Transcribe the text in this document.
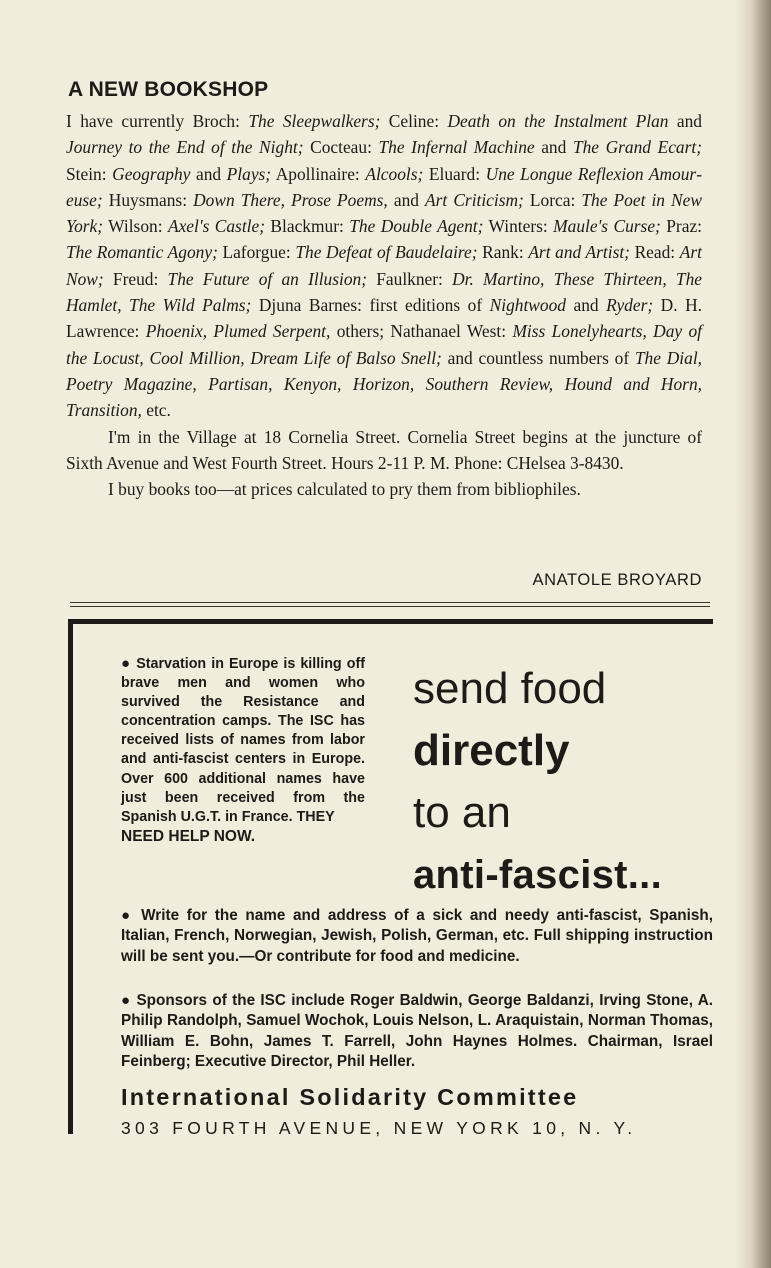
A NEW BOOKSHOP

I have currently Broch: The Sleepwalkers; Celine: Death on the Instalment Plan and Journey to the End of the Night; Cocteau: The Infernal Machine and The Grand Ecart; Stein: Geography and Plays; Apollinaire: Alcools; Eluard: Une Longue Reflexion Amoureuse; Huysmans: Down There, Prose Poems, and Art Criticism; Lorca: The Poet in New York; Wilson: Axel's Castle; Blackmur: The Double Agent; Winters: Maule's Curse; Praz: The Romantic Agony; Laforgue: The Defeat of Baudelaire; Rank: Art and Artist; Read: Art Now; Freud: The Future of an Illusion; Faulkner: Dr. Martino, These Thirteen, The Hamlet, The Wild Palms; Djuna Barnes: first editions of Nightwood and Ryder; D. H. Lawrence: Phoenix, Plumed Serpent, others; Nathanael West: Miss Lonelyhearts, Day of the Locust, Cool Million, Dream Life of Balso Snell; and countless numbers of The Dial, Poetry Magazine, Partisan, Kenyon, Horizon, Southern Review, Hound and Horn, Transition, etc.

I'm in the Village at 18 Cornelia Street. Cornelia Street begins at the juncture of Sixth Avenue and West Fourth Street. Hours 2-11 P. M. Phone: CHelsea 3-8430.

I buy books too—at prices calculated to pry them from bibliophiles.

ANATOLE BROYARD
● Starvation in Europe is killing off brave men and women who survived the Resistance and concentration camps. The ISC has received lists of names from labor and anti-fascist centers in Europe. Over 600 additional names have just been received from the Spanish U.G.T. in France. THEY
NEED HELP NOW.
send food
directly
to an
anti-fascist...
● Write for the name and address of a sick and needy anti-fascist, Spanish, Italian, French, Norwegian, Jewish, Polish, German, etc. Full shipping instruction will be sent you.—Or contribute for food and medicine.
● Sponsors of the ISC include Roger Baldwin, George Baldanzi, Irving Stone, A. Philip Randolph, Samuel Wochok, Louis Nelson, L. Araquistain, Norman Thomas, William E. Bohn, James T. Farrell, John Haynes Holmes. Chairman, Israel Feinberg; Executive Director, Phil Heller.
International Solidarity Committee
303 FOURTH AVENUE, NEW YORK 10, N. Y.
